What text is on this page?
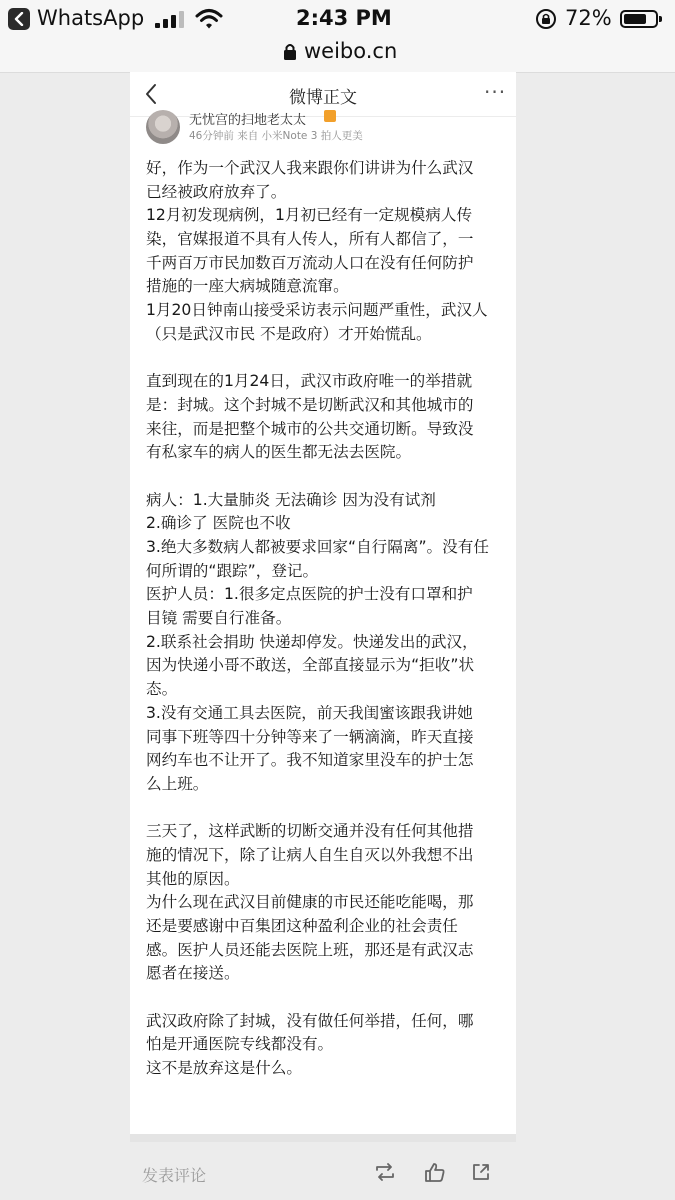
WhatsApp	2:43 PM	72%
weibo.cn
微博正文	···
无忧宫的扫地老太太
46分钟前 来自 小米Note 3 拍人更美
好，作为一个武汉人我来跟你们讲讲为什么武汉
已经被政府放弃了。
12月初发现病例，1月初已经有一定规模病人传
染，官媒报道不具有人传人，所有人都信了，一
千两百万市民加数百万流动人口在没有任何防护
措施的一座大病城随意流窜。
1月20日钟南山接受采访表示问题严重性，武汉人
（只是武汉市民 不是政府）才开始慌乱。
直到现在的1月24日，武汉市政府唯一的举措就
是：封城。这个封城不是切断武汉和其他城市的
来往，而是把整个城市的公共交通切断。导致没
有私家车的病人的医生都无法去医院。
病人：1.大量肺炎 无法确诊 因为没有试剂
2.确诊了 医院也不收
3.绝大多数病人都被要求回家“自行隔离”。没有任
何所谓的“跟踪”，登记。
医护人员：1.很多定点医院的护士没有口罩和护
目镜 需要自行准备。
2.联系社会捐助 快递却停发。快递发出的武汉，
因为快递小哥不敢送，全部直接显示为“拒收”状
态。
3.没有交通工具去医院，前天我闺蜜该跟我讲她
同事下班等四十分钟等来了一辆滴滴，昨天直接
网约车也不让开了。我不知道家里没车的护士怎
么上班。
三天了，这样武断的切断交通并没有任何其他措
施的情况下，除了让病人自生自灭以外我想不出
其他的原因。
为什么现在武汉目前健康的市民还能吃能喝，那
还是要感谢中百集团这种盈利企业的社会责任
感。医护人员还能去医院上班，那还是有武汉志
愿者在接送。
武汉政府除了封城，没有做任何举措，任何，哪
怕是开通医院专线都没有。
这不是放弃这是什么。
发表评论
